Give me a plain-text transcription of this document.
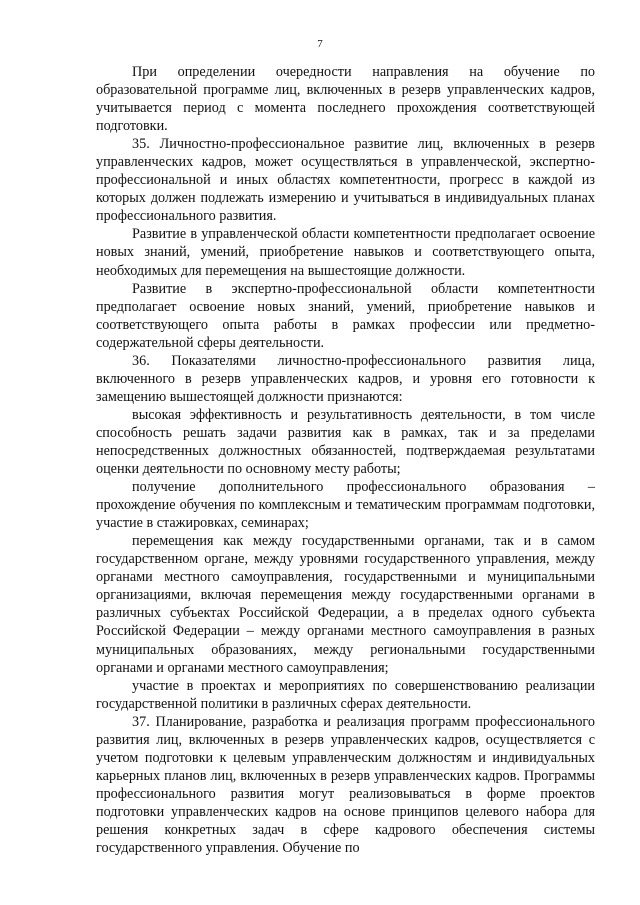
7

При определении очередности направления на обучение по образовательной программе лиц, включенных в резерв управленческих кадров, учитывается период с момента последнего прохождения соответствующей подготовки.

35. Личностно-профессиональное развитие лиц, включенных в резерв управленческих кадров, может осуществляться в управленческой, экспертно-профессиональной и иных областях компетентности, прогресс в каждой из которых должен подлежать измерению и учитываться в индивидуальных планах профессионального развития.

Развитие в управленческой области компетентности предполагает освоение новых знаний, умений, приобретение навыков и соответствующего опыта, необходимых для перемещения на вышестоящие должности.

Развитие в экспертно-профессиональной области компетентности предполагает освоение новых знаний, умений, приобретение навыков и соответствующего опыта работы в рамках профессии или предметно-содержательной сферы деятельности.

36. Показателями личностно-профессионального развития лица, включенного в резерв управленческих кадров, и уровня его готовности к замещению вышестоящей должности признаются:

высокая эффективность и результативность деятельности, в том числе способность решать задачи развития как в рамках, так и за пределами непосредственных должностных обязанностей, подтверждаемая результатами оценки деятельности по основному месту работы;

получение дополнительного профессионального образования – прохождение обучения по комплексным и тематическим программам подготовки, участие в стажировках, семинарах;

перемещения как между государственными органами, так и в самом государственном органе, между уровнями государственного управления, между органами местного самоуправления, государственными и муниципальными организациями, включая перемещения между государственными органами в различных субъектах Российской Федерации, а в пределах одного субъекта Российской Федерации – между органами местного самоуправления в разных муниципальных образованиях, между региональными государственными органами и органами местного самоуправления;

участие в проектах и мероприятиях по совершенствованию реализации государственной политики в различных сферах деятельности.

37. Планирование, разработка и реализация программ профессионального развития лиц, включенных в резерв управленческих кадров, осуществляется с учетом подготовки к целевым управленческим должностям и индивидуальных карьерных планов лиц, включенных в резерв управленческих кадров. Программы профессионального развития могут реализовываться в форме проектов подготовки управленческих кадров на основе принципов целевого набора для решения конкретных задач в сфере кадрового обеспечения системы государственного управления. Обучение по
